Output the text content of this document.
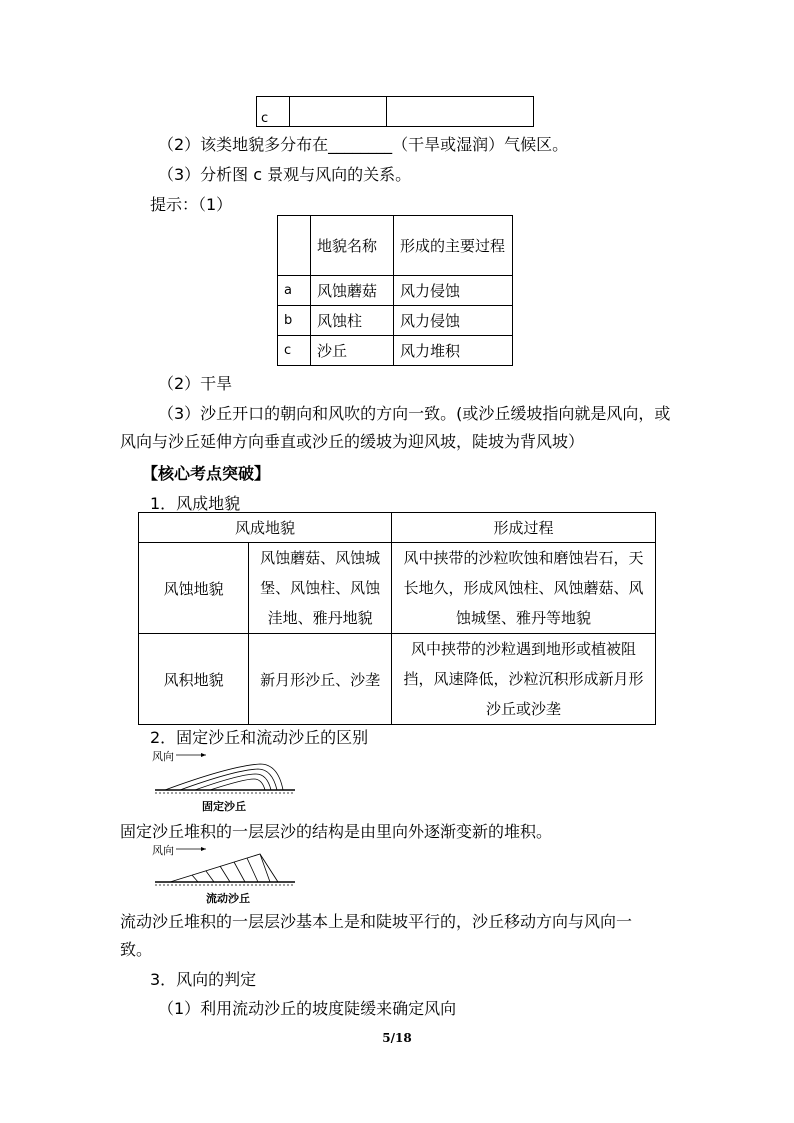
c		
（2）该类地貌多分布在________（干旱或湿润）气候区。
（3）分析图 c 景观与风向的关系。
提示：（1）
	地貌名称	形成的主要过程
a	风蚀蘑菇	风力侵蚀
b	风蚀柱	风力侵蚀
c	沙丘	风力堆积
（2）干旱
（3）沙丘开口的朝向和风吹的方向一致。(或沙丘缓坡指向就是风向，或
风向与沙丘延伸方向垂直或沙丘的缓坡为迎风坡，陡坡为背风坡）
【核心考点突破】
1．风成地貌
风成地貌		形成过程
风蚀地貌	风蚀蘑菇、风蚀城堡、风蚀柱、风蚀洼地、雅丹地貌	风中挟带的沙粒吹蚀和磨蚀岩石，天长地久，形成风蚀柱、风蚀蘑菇、风蚀城堡、雅丹等地貌
风积地貌	新月形沙丘、沙垄	风中挟带的沙粒遇到地形或植被阻挡，风速降低，沙粒沉积形成新月形沙丘或沙垄
2．固定沙丘和流动沙丘的区别
风向
固定沙丘
固定沙丘堆积的一层层沙的结构是由里向外逐渐变新的堆积。
风向
流动沙丘
流动沙丘堆积的一层层沙基本上是和陡坡平行的，沙丘移动方向与风向一
致。
3．风向的判定
（1）利用流动沙丘的坡度陡缓来确定风向
5/18
